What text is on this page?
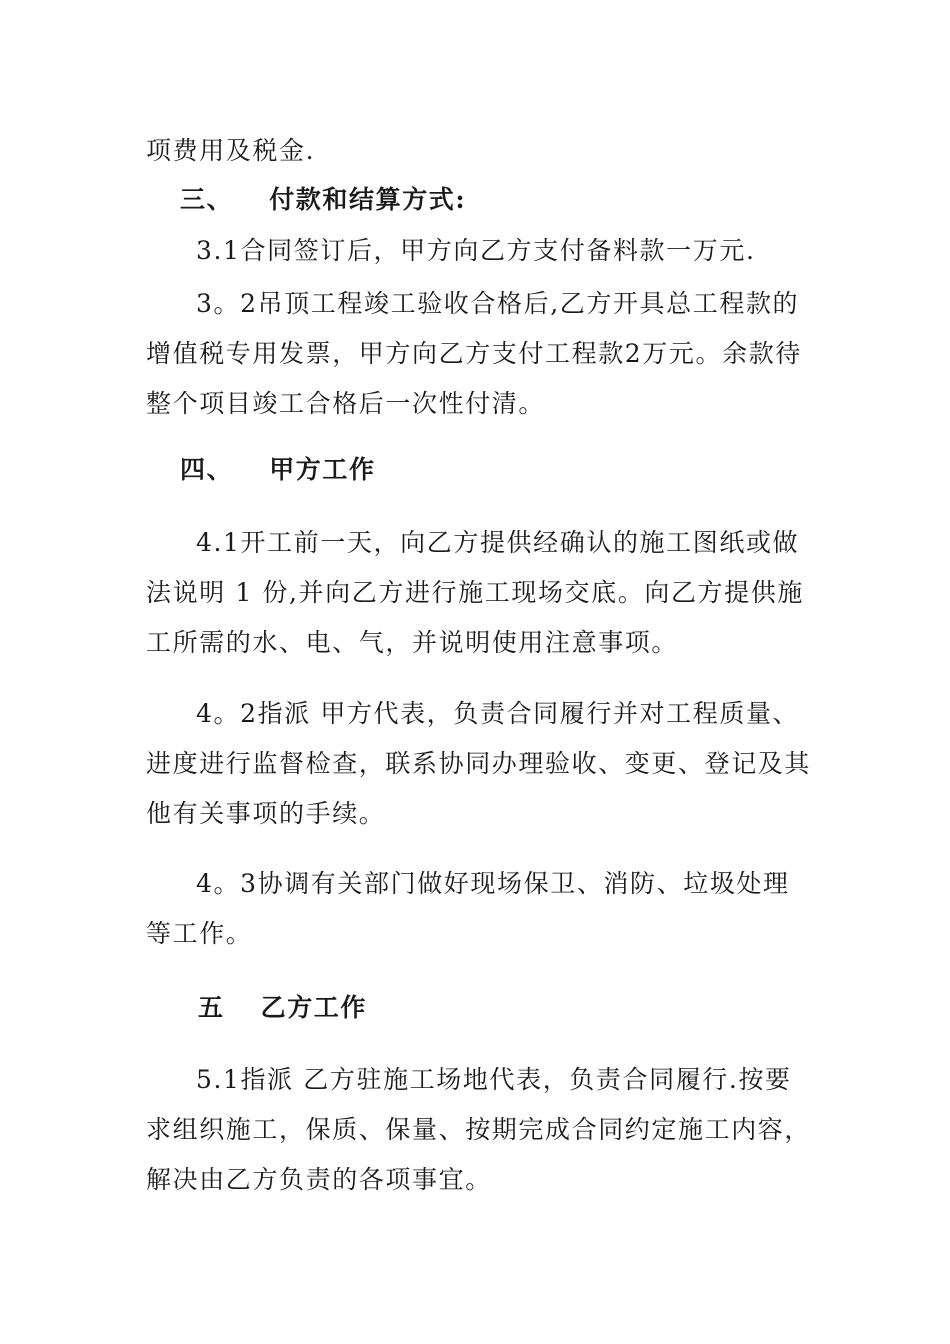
项费用及税金.

三、 付款和结算方式:

3.1合同签订后，甲方向乙方支付备料款一万元.

3。2吊顶工程竣工验收合格后,乙方开具总工程款的增值税专用发票，甲方向乙方支付工程款2万元。余款待整个项目竣工合格后一次性付清。

四、 甲方工作

4.1开工前一天，向乙方提供经确认的施工图纸或做法说明 1 份,并向乙方进行施工现场交底。向乙方提供施工所需的水、电、气，并说明使用注意事项。

4。2指派 甲方代表，负责合同履行并对工程质量、进度进行监督检查，联系协同办理验收、变更、登记及其他有关事项的手续。

4。3协调有关部门做好现场保卫、消防、垃圾处理等工作。

五 乙方工作

5.1指派 乙方驻施工场地代表，负责合同履行.按要求组织施工，保质、保量、按期完成合同约定施工内容，解决由乙方负责的各项事宜。
